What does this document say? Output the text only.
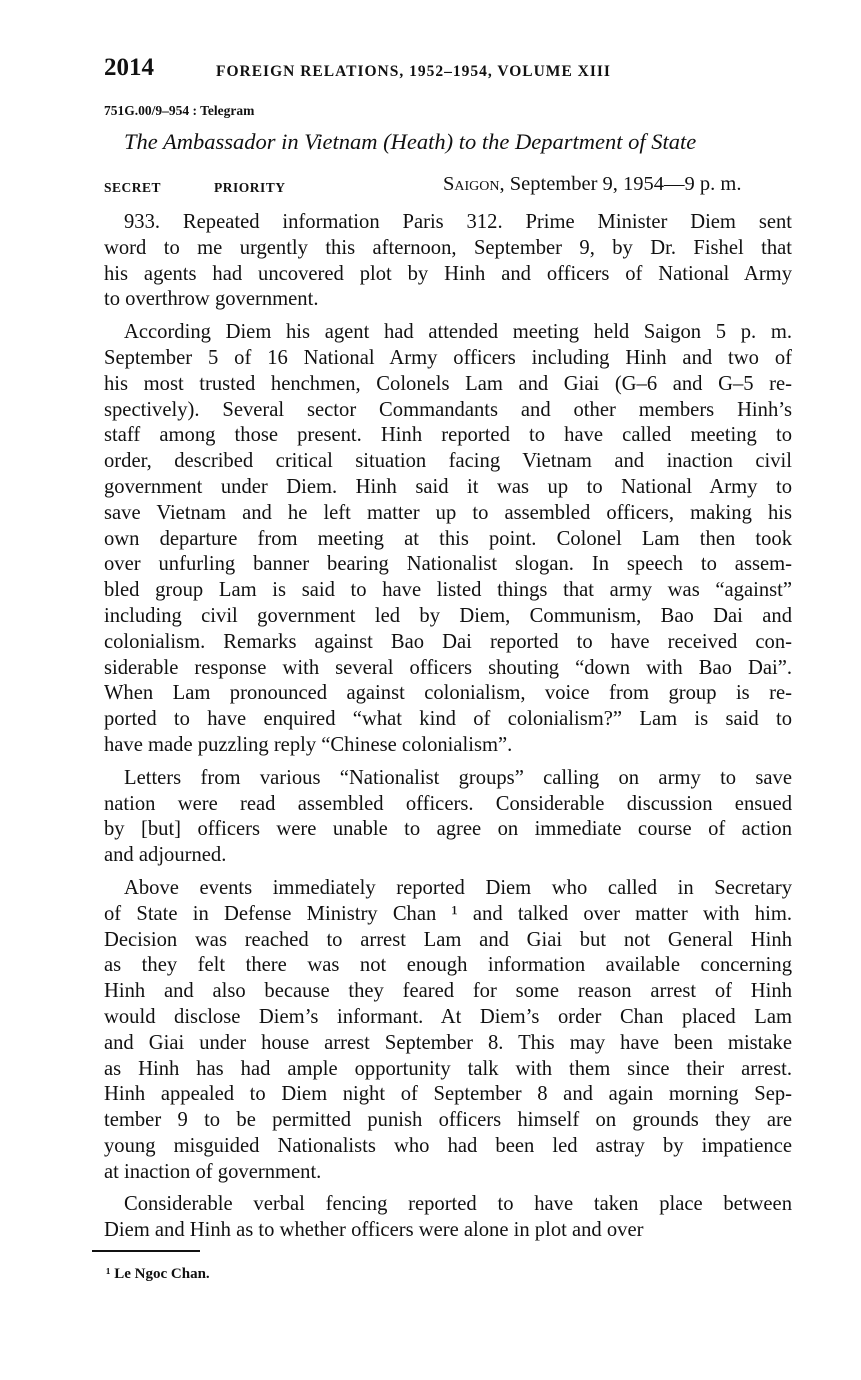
2014	FOREIGN RELATIONS, 1952–1954, VOLUME XIII
751G.00/9–954 : Telegram
The Ambassador in Vietnam (Heath) to the Department of State
SECRET	PRIORITY	Saigon, September 9, 1954—9 p. m.
933. Repeated information Paris 312. Prime Minister Diem sent
word to me urgently this afternoon, September 9, by Dr. Fishel that
his agents had uncovered plot by Hinh and officers of National Army
to overthrow government.
According Diem his agent had attended meeting held Saigon 5 p. m.
September 5 of 16 National Army officers including Hinh and two of
his most trusted henchmen, Colonels Lam and Giai (G–6 and G–5 re-
spectively). Several sector Commandants and other members Hinh’s
staff among those present. Hinh reported to have called meeting to
order, described critical situation facing Vietnam and inaction civil
government under Diem. Hinh said it was up to National Army to
save Vietnam and he left matter up to assembled officers, making his
own departure from meeting at this point. Colonel Lam then took
over unfurling banner bearing Nationalist slogan. In speech to assem-
bled group Lam is said to have listed things that army was “against”
including civil government led by Diem, Communism, Bao Dai and
colonialism. Remarks against Bao Dai reported to have received con-
siderable response with several officers shouting “down with Bao Dai”.
When Lam pronounced against colonialism, voice from group is re-
ported to have enquired “what kind of colonialism?” Lam is said to
have made puzzling reply “Chinese colonialism”.
Letters from various “Nationalist groups” calling on army to save
nation were read assembled officers. Considerable discussion ensued
by [but] officers were unable to agree on immediate course of action
and adjourned.
Above events immediately reported Diem who called in Secretary
of State in Defense Ministry Chan ¹ and talked over matter with him.
Decision was reached to arrest Lam and Giai but not General Hinh
as they felt there was not enough information available concerning
Hinh and also because they feared for some reason arrest of Hinh
would disclose Diem’s informant. At Diem’s order Chan placed Lam
and Giai under house arrest September 8. This may have been mistake
as Hinh has had ample opportunity talk with them since their arrest.
Hinh appealed to Diem night of September 8 and again morning Sep-
tember 9 to be permitted punish officers himself on grounds they are
young misguided Nationalists who had been led astray by impatience
at inaction of government.
Considerable verbal fencing reported to have taken place between
Diem and Hinh as to whether officers were alone in plot and over
¹ Le Ngoc Chan.
